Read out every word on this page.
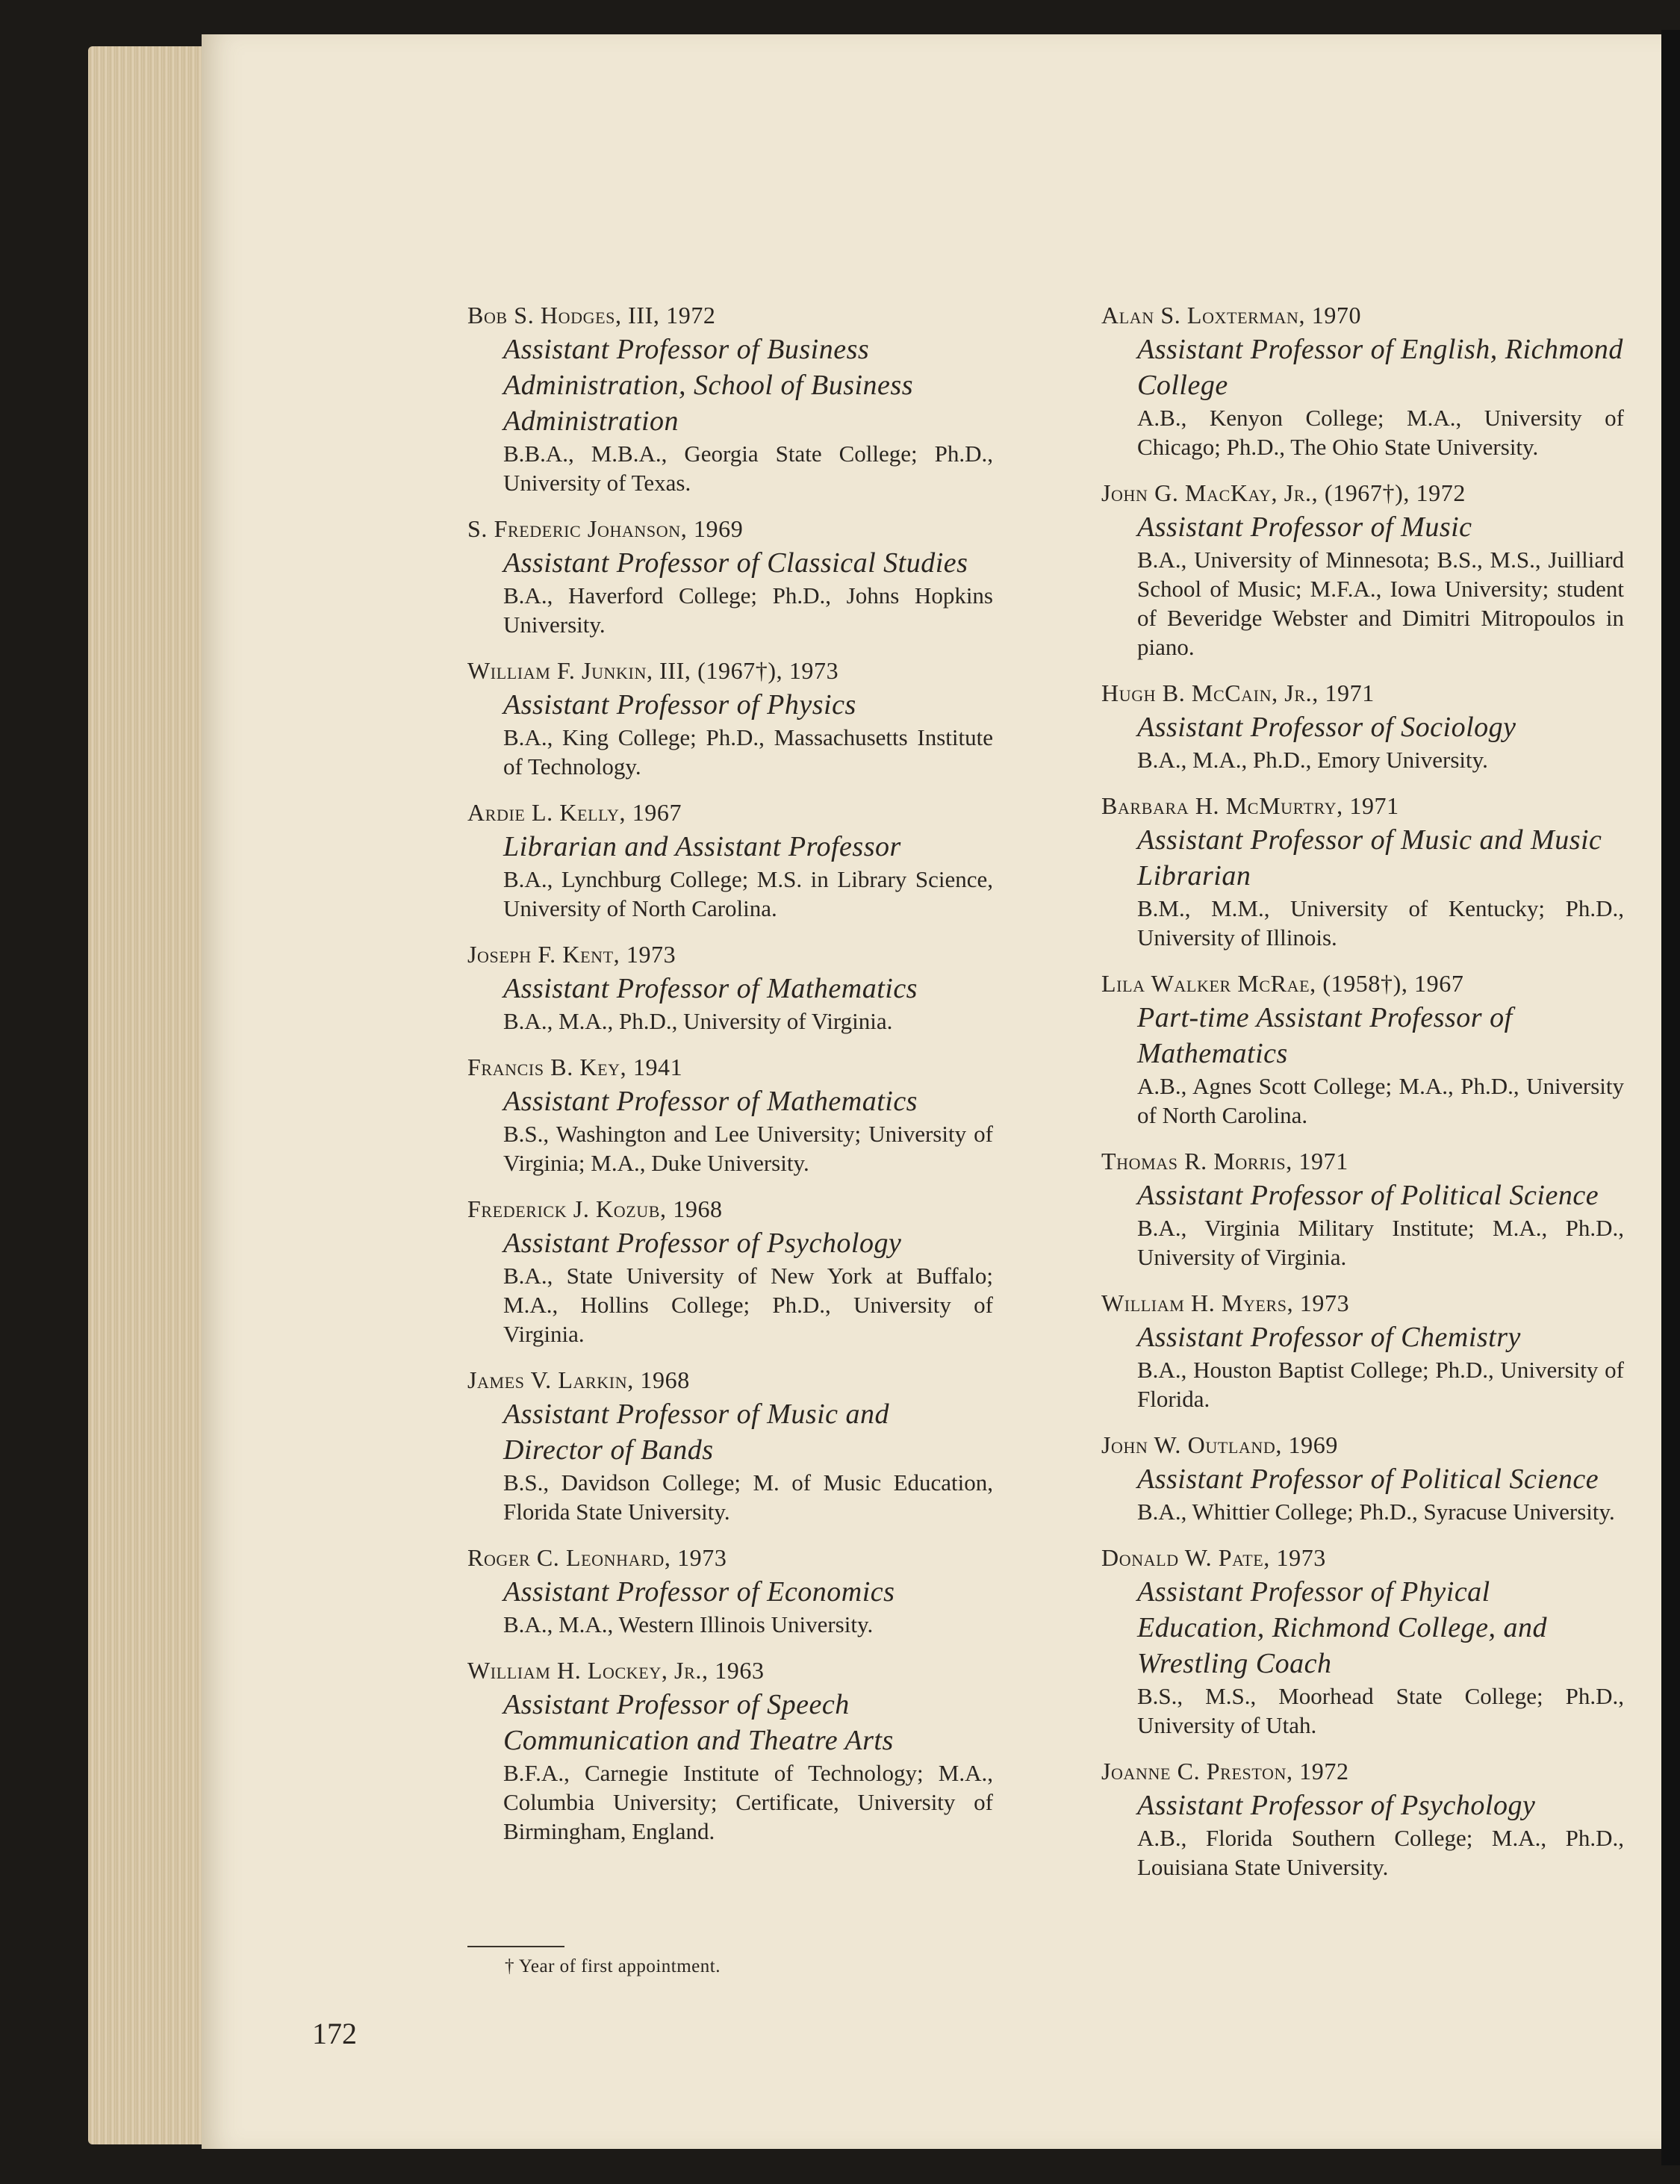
Bob S. Hodges, III, 1972
Assistant Professor of Business Administration, School of Business Administration
B.B.A., M.B.A., Georgia State College; Ph.D., University of Texas.
S. Frederic Johanson, 1969
Assistant Professor of Classical Studies
B.A., Haverford College; Ph.D., Johns Hopkins University.
William F. Junkin, III, (1967†), 1973
Assistant Professor of Physics
B.A., King College; Ph.D., Massachusetts Institute of Technology.
Ardie L. Kelly, 1967
Librarian and Assistant Professor
B.A., Lynchburg College; M.S. in Library Science, University of North Carolina.
Joseph F. Kent, 1973
Assistant Professor of Mathematics
B.A., M.A., Ph.D., University of Virginia.
Francis B. Key, 1941
Assistant Professor of Mathematics
B.S., Washington and Lee University; University of Virginia; M.A., Duke University.
Frederick J. Kozub, 1968
Assistant Professor of Psychology
B.A., State University of New York at Buffalo; M.A., Hollins College; Ph.D., University of Virginia.
James V. Larkin, 1968
Assistant Professor of Music and Director of Bands
B.S., Davidson College; M. of Music Education, Florida State University.
Roger C. Leonhard, 1973
Assistant Professor of Economics
B.A., M.A., Western Illinois University.
William H. Lockey, Jr., 1963
Assistant Professor of Speech Communication and Theatre Arts
B.F.A., Carnegie Institute of Technology; M.A., Columbia University; Certificate, University of Birmingham, England.
Alan S. Loxterman, 1970
Assistant Professor of English, Richmond College
A.B., Kenyon College; M.A., University of Chicago; Ph.D., The Ohio State University.
John G. MacKay, Jr., (1967†), 1972
Assistant Professor of Music
B.A., University of Minnesota; B.S., M.S., Juilliard School of Music; M.F.A., Iowa University; student of Beveridge Webster and Dimitri Mitropoulos in piano.
Hugh B. McCain, Jr., 1971
Assistant Professor of Sociology
B.A., M.A., Ph.D., Emory University.
Barbara H. McMurtry, 1971
Assistant Professor of Music and Music Librarian
B.M., M.M., University of Kentucky; Ph.D., University of Illinois.
Lila Walker McRae, (1958†), 1967
Part-time Assistant Professor of Mathematics
A.B., Agnes Scott College; M.A., Ph.D., University of North Carolina.
Thomas R. Morris, 1971
Assistant Professor of Political Science
B.A., Virginia Military Institute; M.A., Ph.D., University of Virginia.
William H. Myers, 1973
Assistant Professor of Chemistry
B.A., Houston Baptist College; Ph.D., University of Florida.
John W. Outland, 1969
Assistant Professor of Political Science
B.A., Whittier College; Ph.D., Syracuse University.
Donald W. Pate, 1973
Assistant Professor of Phyical Education, Richmond College, and Wrestling Coach
B.S., M.S., Moorhead State College; Ph.D., University of Utah.
Joanne C. Preston, 1972
Assistant Professor of Psychology
A.B., Florida Southern College; M.A., Ph.D., Louisiana State University.
† Year of first appointment.
172
